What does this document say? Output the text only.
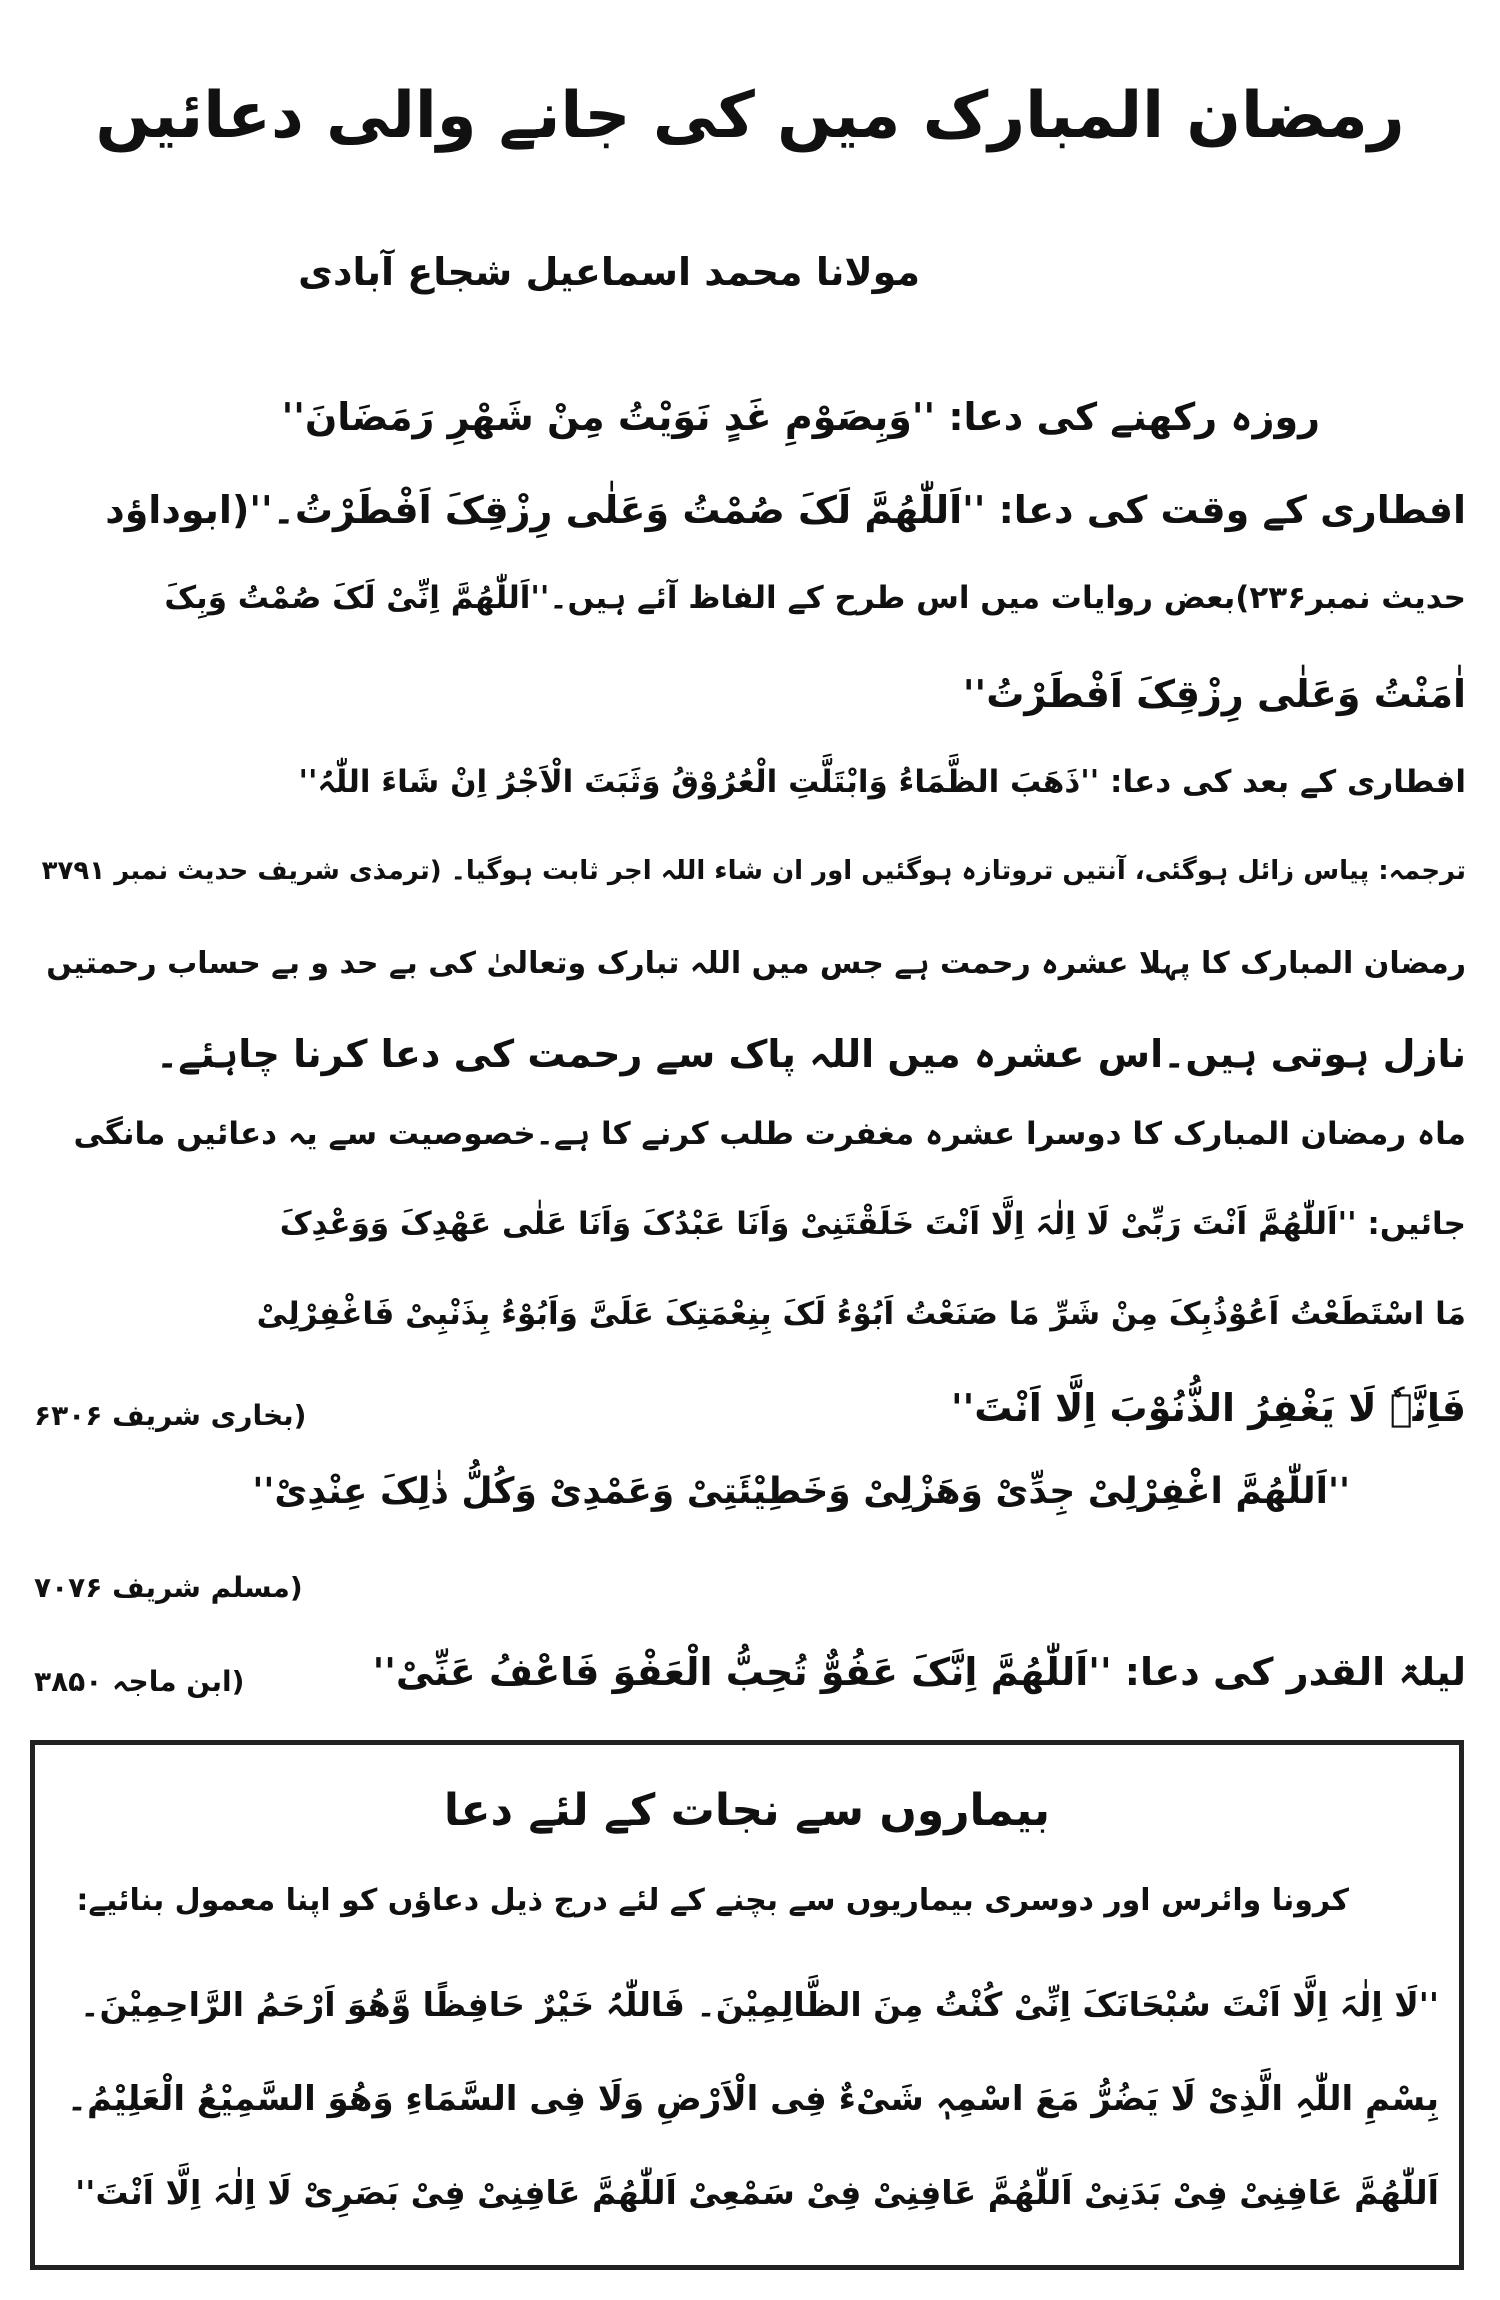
رمضان المبارک میں کی جانے والی دعائیں
مولانا محمد اسماعیل شجاع آبادی
روزہ رکھنے کی دعا: ''وَبِصَوْمِ غَدٍ نَوَیْتُ مِنْ شَھْرِ رَمَضَانَ''
افطاری کے وقت کی دعا: ''اَللّٰھُمَّ لَکَ صُمْتُ وَعَلٰی رِزْقِکَ اَفْطَرْتُ۔''(ابوداؤد
حدیث نمبر۲۳۶)بعض روایات میں اس طرح کے الفاظ آئے ہیں۔''اَللّٰھُمَّ اِنِّیْ لَکَ صُمْتُ وَبِکَ
اٰمَنْتُ وَعَلٰی رِزْقِکَ اَفْطَرْتُ''
افطاری کے بعد کی دعا: ''ذَھَبَ الظَّمَاءُ وَابْتَلَّتِ الْعُرُوْقُ وَثَبَتَ الْاَجْرُ اِنْ شَاءَ اللّٰہُ''
ترجمہ: پیاس زائل ہوگئی، آنتیں تروتازہ ہوگئیں اور ان شاء اللہ اجر ثابت ہوگیا۔ (ترمذی شریف حدیث نمبر ۳۷۹۱
رمضان المبارک کا پہلا عشرہ رحمت ہے جس میں اللہ تبارک وتعالیٰ کی بے حد و بے حساب رحمتیں
نازل ہوتی ہیں۔اس عشرہ میں اللہ پاک سے رحمت کی دعا کرنا چاہئے۔
ماہ رمضان المبارک کا دوسرا عشرہ مغفرت طلب کرنے کا ہے۔خصوصیت سے یہ دعائیں مانگی
جائیں: ''اَللّٰھُمَّ اَنْتَ رَبِّیْ لَا اِلٰہَ اِلَّا اَنْتَ خَلَقْتَنِیْ وَاَنَا عَبْدُکَ وَاَنَا عَلٰی عَھْدِکَ وَوَعْدِکَ
مَا اسْتَطَعْتُ اَعُوْذُبِکَ مِنْ شَرِّ مَا صَنَعْتُ اَبُوْءُ لَکَ بِنِعْمَتِکَ عَلَیَّ وَاَبُوْءُ بِذَنْبِیْ فَاغْفِرْلِیْ
فَاِنَّہٗ لَا یَغْفِرُ الذُّنُوْبَ اِلَّا اَنْتَ''
(بخاری شریف ۶۳۰۶
''اَللّٰھُمَّ اغْفِرْلِیْ جِدِّیْ وَھَزْلِیْ وَخَطِیْئَتِیْ وَعَمْدِیْ وَکُلُّ ذٰلِکَ عِنْدِیْ''
(مسلم شریف ۷۰۷۶
لیلۃ القدر کی دعا: ''اَللّٰھُمَّ اِنَّکَ عَفُوٌّ تُحِبُّ الْعَفْوَ فَاعْفُ عَنِّیْ''
(ابن ماجہ ۳۸۵۰
بیماروں سے نجات کے لئے دعا
کرونا وائرس اور دوسری بیماریوں سے بچنے کے لئے درج ذیل دعاؤں کو اپنا معمول بنائیے:
''لَا اِلٰہَ اِلَّا اَنْتَ سُبْحَانَکَ اِنِّیْ کُنْتُ مِنَ الظَّالِمِیْنَ۔ فَاللّٰہُ خَیْرٌ حَافِظًا وَّھُوَ اَرْحَمُ الرَّاحِمِیْنَ۔
بِسْمِ اللّٰہِ الَّذِیْ لَا یَضُرُّ مَعَ اسْمِہٖ شَیْءٌ فِی الْاَرْضِ وَلَا فِی السَّمَاءِ وَھُوَ السَّمِیْعُ الْعَلِیْمُ۔
اَللّٰھُمَّ عَافِنِیْ فِیْ بَدَنِیْ اَللّٰھُمَّ عَافِنِیْ فِیْ سَمْعِیْ اَللّٰھُمَّ عَافِنِیْ فِیْ بَصَرِیْ لَا اِلٰہَ اِلَّا اَنْتَ''
